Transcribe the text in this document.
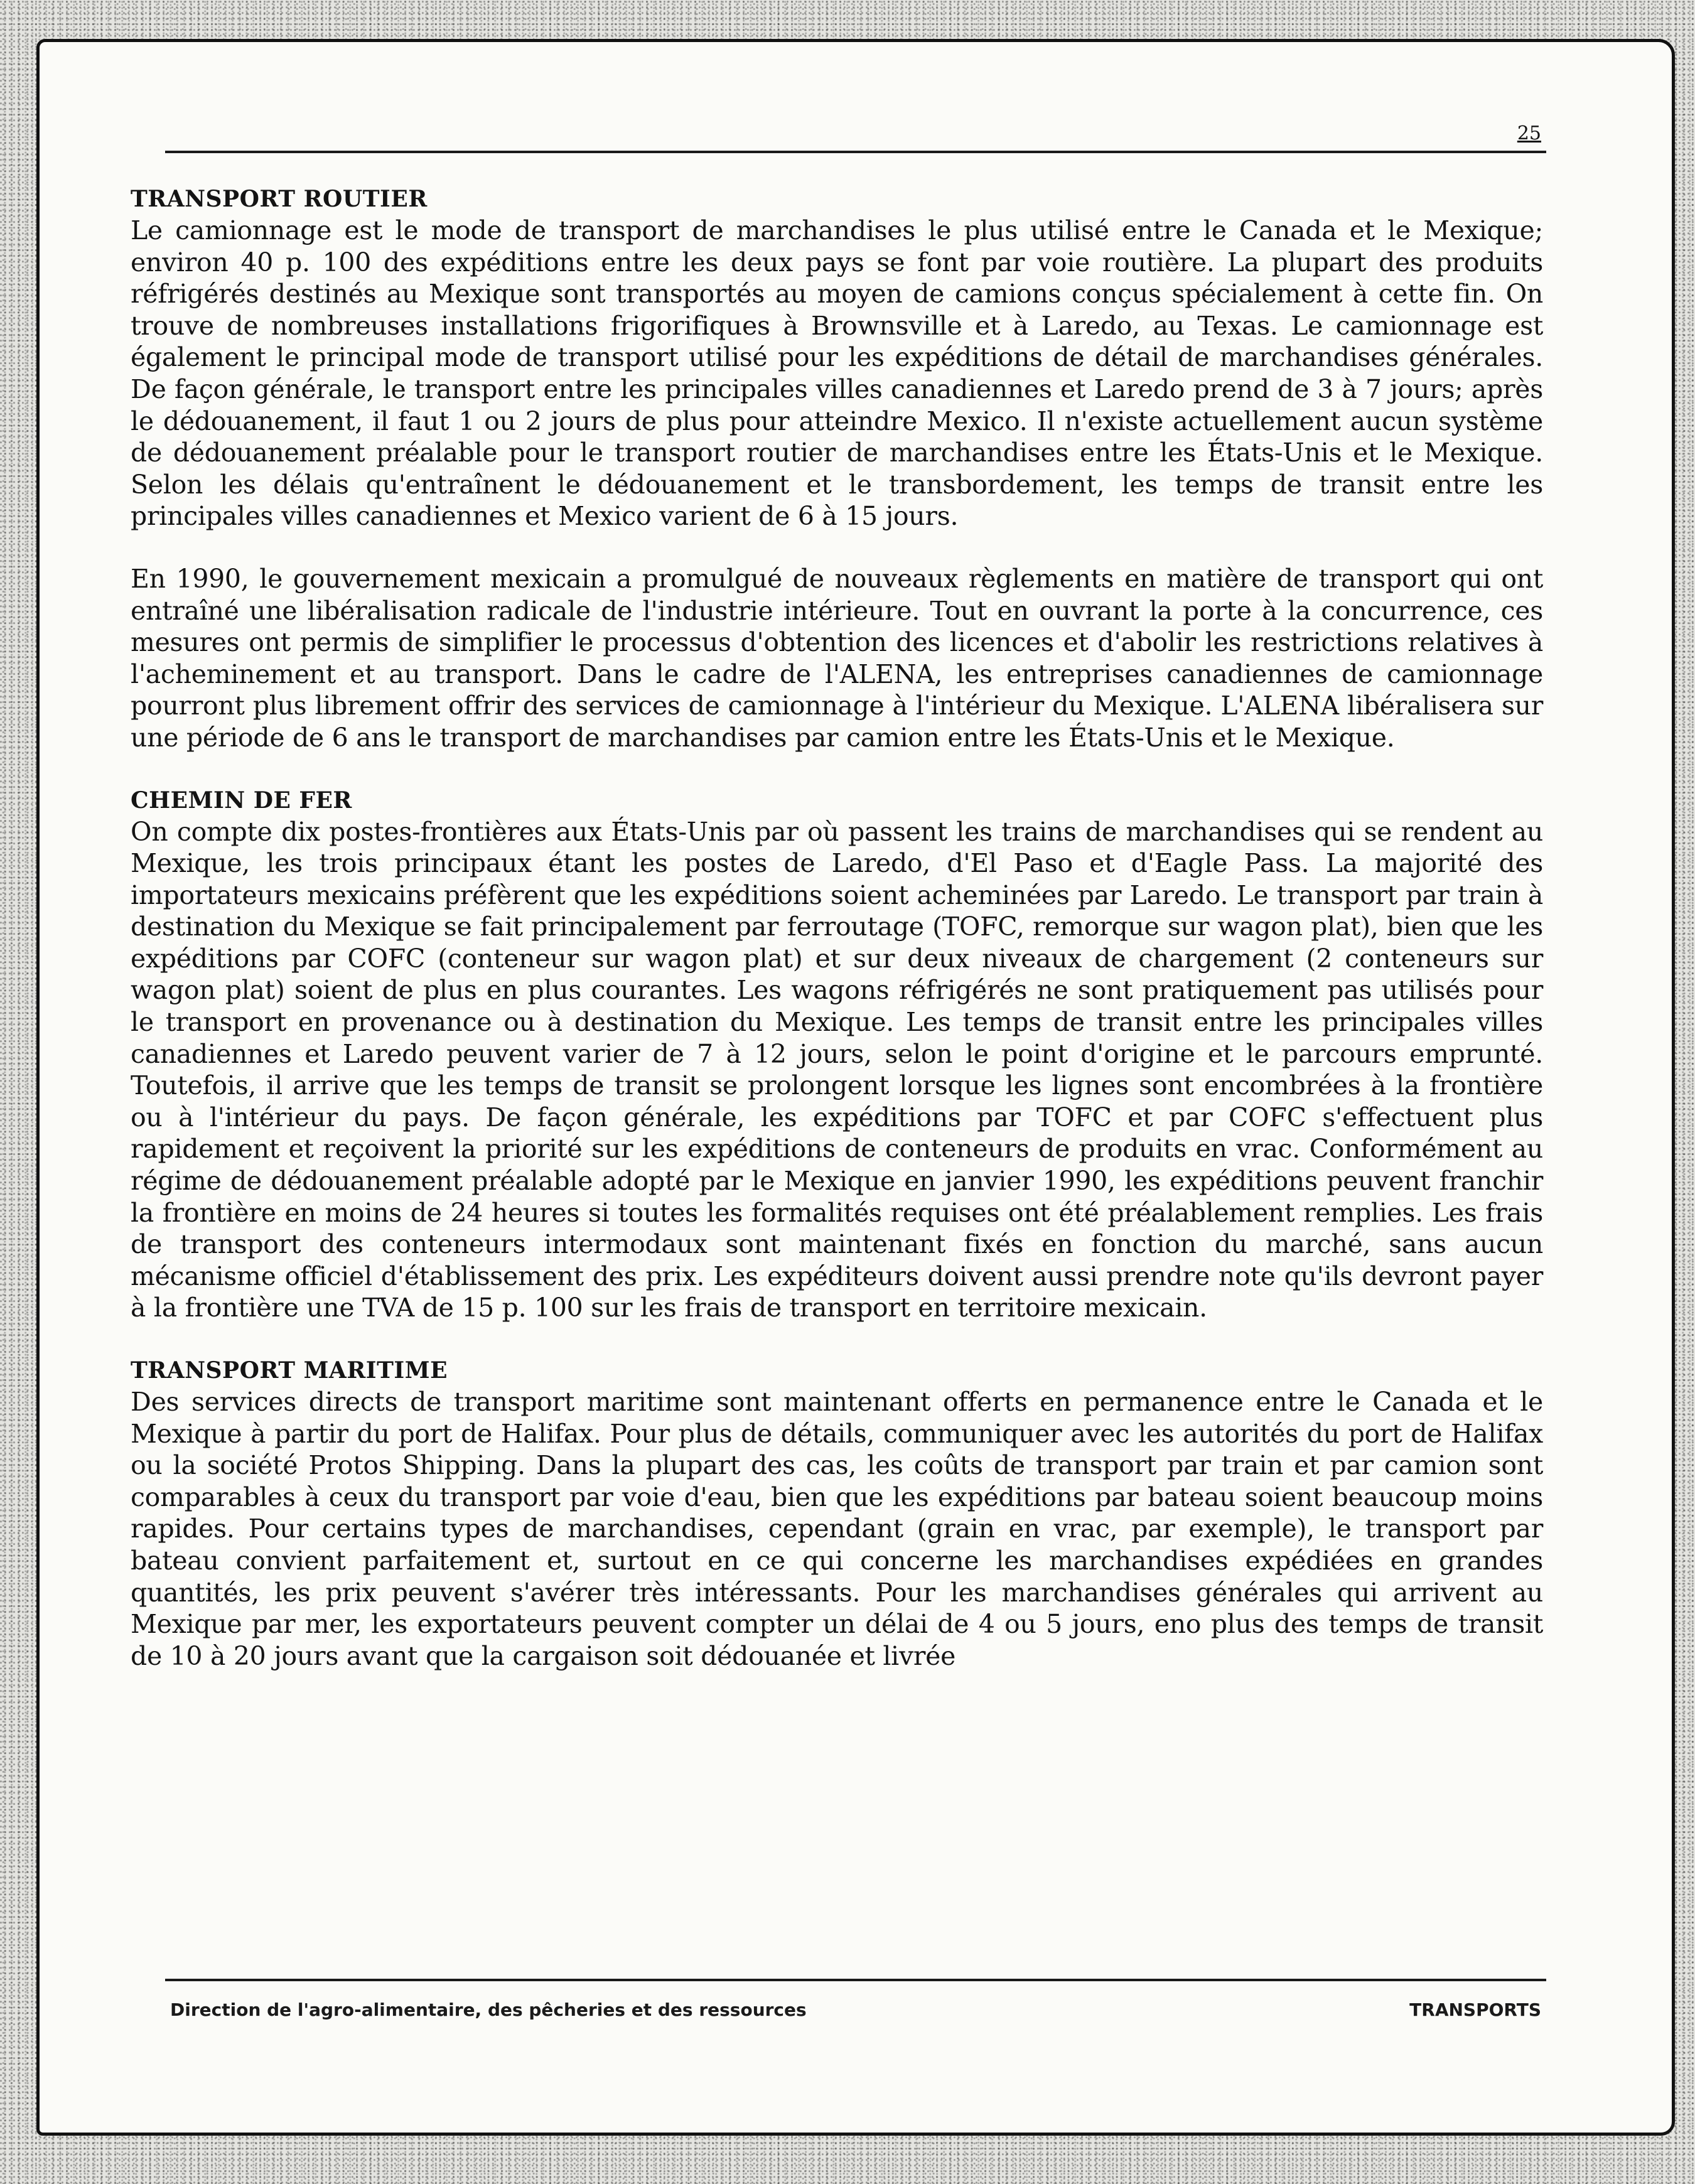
25
Direction de l'agro-alimentaire, des pêcheries et des ressources	TRANSPORTS
TRANSPORT ROUTIER

Le camionnage est le mode de transport de marchandises le plus utilisé entre le Canada et le Mexique; environ 40 p. 100 des expéditions entre les deux pays se font par voie routière. La plupart des produits réfrigérés destinés au Mexique sont transportés au moyen de camions conçus spécialement à cette fin. On trouve de nombreuses installations frigorifiques à Brownsville et à Laredo, au Texas. Le camionnage est également le principal mode de transport utilisé pour les expéditions de détail de marchandises générales. De façon générale, le transport entre les principales villes canadiennes et Laredo prend de 3 à 7 jours; après le dédouanement, il faut 1 ou 2 jours de plus pour atteindre Mexico. Il n'existe actuellement aucun système de dédouanement préalable pour le transport routier de marchandises entre les États-Unis et le Mexique. Selon les délais qu'entraînent le dédouanement et le transbordement, les temps de transit entre les principales villes canadiennes et Mexico varient de 6 à 15 jours.

En 1990, le gouvernement mexicain a promulgué de nouveaux règlements en matière de transport qui ont entraîné une libéralisation radicale de l'industrie intérieure. Tout en ouvrant la porte à la concurrence, ces mesures ont permis de simplifier le processus d'obtention des licences et d'abolir les restrictions relatives à l'acheminement et au transport. Dans le cadre de l'ALENA, les entreprises canadiennes de camionnage pourront plus librement offrir des services de camionnage à l'intérieur du Mexique. L'ALENA libéralisera sur une période de 6 ans le transport de marchandises par camion entre les États-Unis et le Mexique.

CHEMIN DE FER

On compte dix postes-frontières aux États-Unis par où passent les trains de marchandises qui se rendent au Mexique, les trois principaux étant les postes de Laredo, d'El Paso et d'Eagle Pass. La majorité des importateurs mexicains préfèrent que les expéditions soient acheminées par Laredo. Le transport par train à destination du Mexique se fait principalement par ferroutage (TOFC, remorque sur wagon plat), bien que les expéditions par COFC (conteneur sur wagon plat) et sur deux niveaux de chargement (2 conteneurs sur wagon plat) soient de plus en plus courantes. Les wagons réfrigérés ne sont pratiquement pas utilisés pour le transport en provenance ou à destination du Mexique. Les temps de transit entre les principales villes canadiennes et Laredo peuvent varier de 7 à 12 jours, selon le point d'origine et le parcours emprunté. Toutefois, il arrive que les temps de transit se prolongent lorsque les lignes sont encombrées à la frontière ou à l'intérieur du pays. De façon générale, les expéditions par TOFC et par COFC s'effectuent plus rapidement et reçoivent la priorité sur les expéditions de conteneurs de produits en vrac. Conformément au régime de dédouanement préalable adopté par le Mexique en janvier 1990, les expéditions peuvent franchir la frontière en moins de 24 heures si toutes les formalités requises ont été préalablement remplies. Les frais de transport des conteneurs intermodaux sont maintenant fixés en fonction du marché, sans aucun mécanisme officiel d'établissement des prix. Les expéditeurs doivent aussi prendre note qu'ils devront payer à la frontière une TVA de 15 p. 100 sur les frais de transport en territoire mexicain.

TRANSPORT MARITIME

Des services directs de transport maritime sont maintenant offerts en permanence entre le Canada et le Mexique à partir du port de Halifax. Pour plus de détails, communiquer avec les autorités du port de Halifax ou la société Protos Shipping. Dans la plupart des cas, les coûts de transport par train et par camion sont comparables à ceux du transport par voie d'eau, bien que les expéditions par bateau soient beaucoup moins rapides. Pour certains types de marchandises, cependant (grain en vrac, par exemple), le transport par bateau convient parfaitement et, surtout en ce qui concerne les marchandises expédiées en grandes quantités, les prix peuvent s'avérer très intéressants. Pour les marchandises générales qui arrivent au Mexique par mer, les exportateurs peuvent compter un délai de 4 ou 5 jours, eno plus des temps de transit de 10 à 20 jours avant que la cargaison soit dédouanée et livrée
